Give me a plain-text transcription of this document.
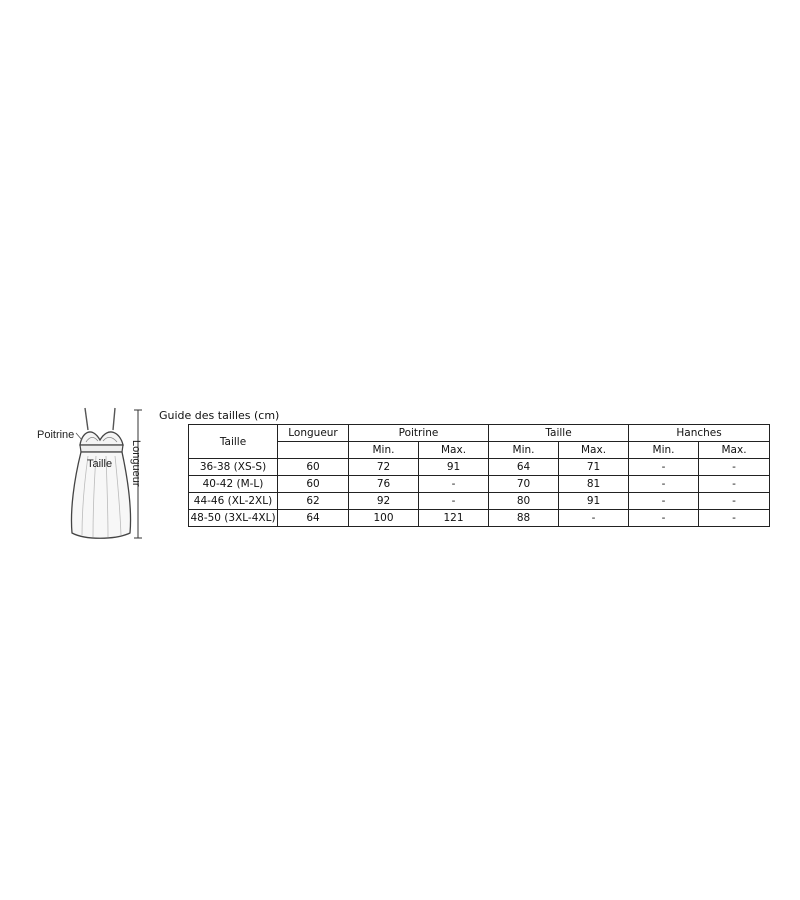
Poitrine
Taille Longueur
Guide des tailles (cm)
Taille	Longueur	Poitrine		Taille		Hanches	
		Min.	Max.	Min.	Max.	Min.	Max.
36-38 (XS-S)	60	72	91	64	71	-	-
40-42 (M-L)	60	76	-	70	81	-	-
44-46 (XL-2XL)	62	92	-	80	91	-	-
48-50 (3XL-4XL)	64	100	121	88	-	-	-
